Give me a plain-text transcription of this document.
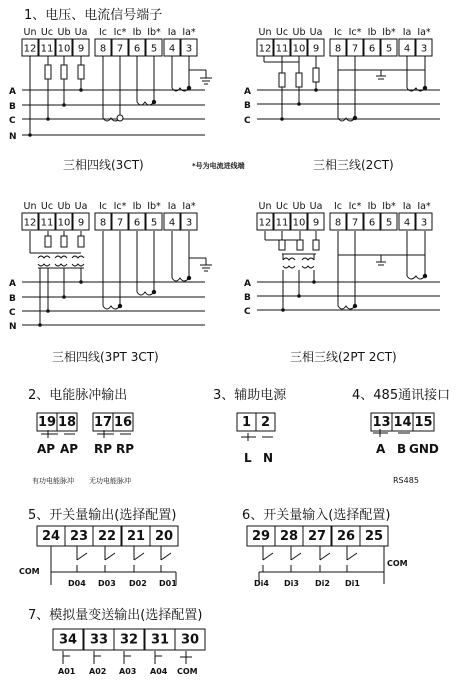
1、电压、电流信号端子
2、电能脉冲输出	3、辅助电源	4、485通讯接口
5、开关量输出(选择配置)	6、开关量输入(选择配置)
7、模拟量变送输出(选择配置)
Un Uc Ub Ua Ic Ic* Ib Ib* Ia Ia*
12 11 10 9 8 7 6 5 4 3
A
B
C
N
Un Uc Ub Ua Ic Ic* Ib Ib* Ia Ia*
12 11 10 9 8 7 6 5 4 3
A
B
C
三相四线(3CT)	*号为电流进线端	三相三线(2CT)
Un Uc Ub Ua Ic Ic* Ib Ib* Ia Ia*
12 11 10 9 8 7 6 5 4 3
A
B
C
N
Un Uc Ub Ua Ic Ic* Ib Ib* Ia Ia*
12 11 10 9 8 7 6 5 4 3
A
B
C
三相四线(3PT 3CT)	三相三线(2PT 2CT)
19 18 17 16
AP AP RP RP
有功电能脉冲 无功电能脉冲
1 2
L N
13 14 15
A B GND
RS485
24 23 22 21 20
COM
D04 D03 D02 D01
29 28 27 26 25
COM
Di4 Di3 Di2 Di1
34 33 32 31 30
A01 A02 A03 A04 COM
